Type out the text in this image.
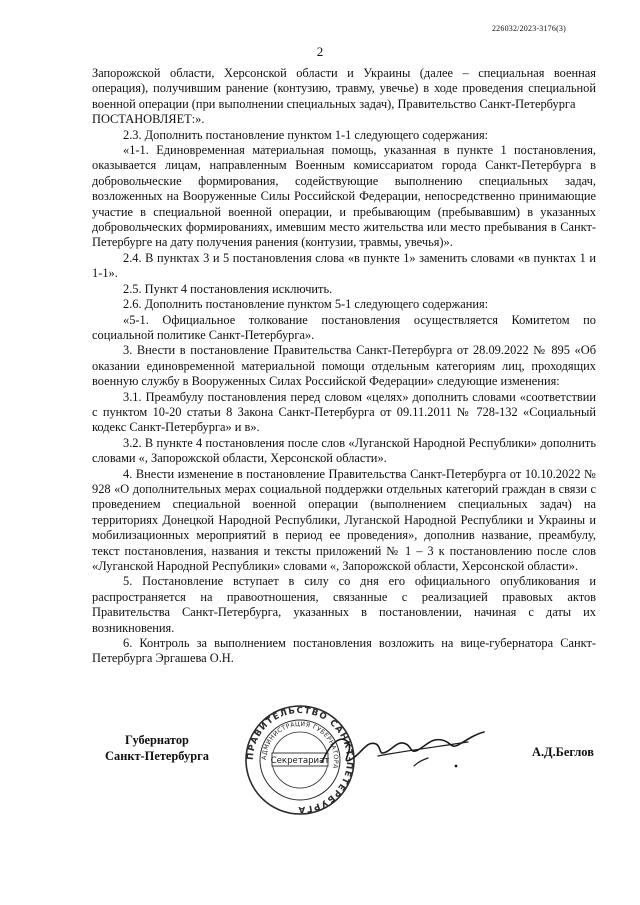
226032/2023-3176(3)
2

Запорожской области, Херсонской области и Украины (далее – специальная военная операция), получившим ранение (контузию, травму, увечье) в ходе проведения специальной военной операции (при выполнении специальных задач), Правительство Санкт-Петербурга

ПОСТАНОВЛЯЕТ:».

2.3. Дополнить постановление пунктом 1-1 следующего содержания:

«1-1. Единовременная материальная помощь, указанная в пункте 1 постановления, оказывается лицам, направленным Военным комиссариатом города Санкт-Петербурга в добровольческие формирования, содействующие выполнению специальных задач, возложенных на Вооруженные Силы Российской Федерации, непосредственно принимающие участие в специальной военной операции, и пребывающим (пребывавшим) в указанных добровольческих формированиях, имевшим место жительства или место пребывания в Санкт-Петербурге на дату получения ранения (контузии, травмы, увечья)».

2.4. В пунктах 3 и 5 постановления слова «в пункте 1» заменить словами «в пунктах 1 и 1-1».

2.5. Пункт 4 постановления исключить.

2.6. Дополнить постановление пунктом 5-1 следующего содержания:

«5-1. Официальное толкование постановления осуществляется Комитетом по социальной политике Санкт-Петербурга».

3. Внести в постановление Правительства Санкт-Петербурга от 28.09.2022 № 895 «Об оказании единовременной материальной помощи отдельным категориям лиц, проходящих военную службу в Вооруженных Силах Российской Федерации» следующие изменения:

3.1. Преамбулу постановления перед словом «целях» дополнить словами «соответствии с пунктом 10-20 статьи 8 Закона Санкт-Петербурга от 09.11.2011 № 728-132 «Социальный кодекс Санкт-Петербурга» и в».

3.2. В пункте 4 постановления после слов «Луганской Народной Республики» дополнить словами «, Запорожской области, Херсонской области».

4. Внести изменение в постановление Правительства Санкт-Петербурга от 10.10.2022 № 928 «О дополнительных мерах социальной поддержки отдельных категорий граждан в связи с проведением специальной военной операции (выполнением специальных задач) на территориях Донецкой Народной Республики, Луганской Народной Республики и Украины и мобилизационных мероприятий в период ее проведения», дополнив название, преамбулу, текст постановления, названия и тексты приложений № 1 – 3 к постановлению после слов «Луганской Народной Республики» словами «, Запорожской области, Херсонской области».

5. Постановление вступает в силу со дня его официального опубликования и распространяется на правоотношения, связанные с реализацией правовых актов Правительства Санкт-Петербурга, указанных в постановлении, начиная с даты их возникновения.

6. Контроль за выполнением постановления возложить на вице-губернатора Санкт-Петербурга Эргашева О.Н.

Губернатор
Санкт-Петербурга	ПРАВИТЕЛЬСТВО САНКТ-ПЕТЕРБУРГА
АДМИНИСТРАЦИЯ ГУБЕРНАТОРА
Секретариат
А.Д.Беглов
